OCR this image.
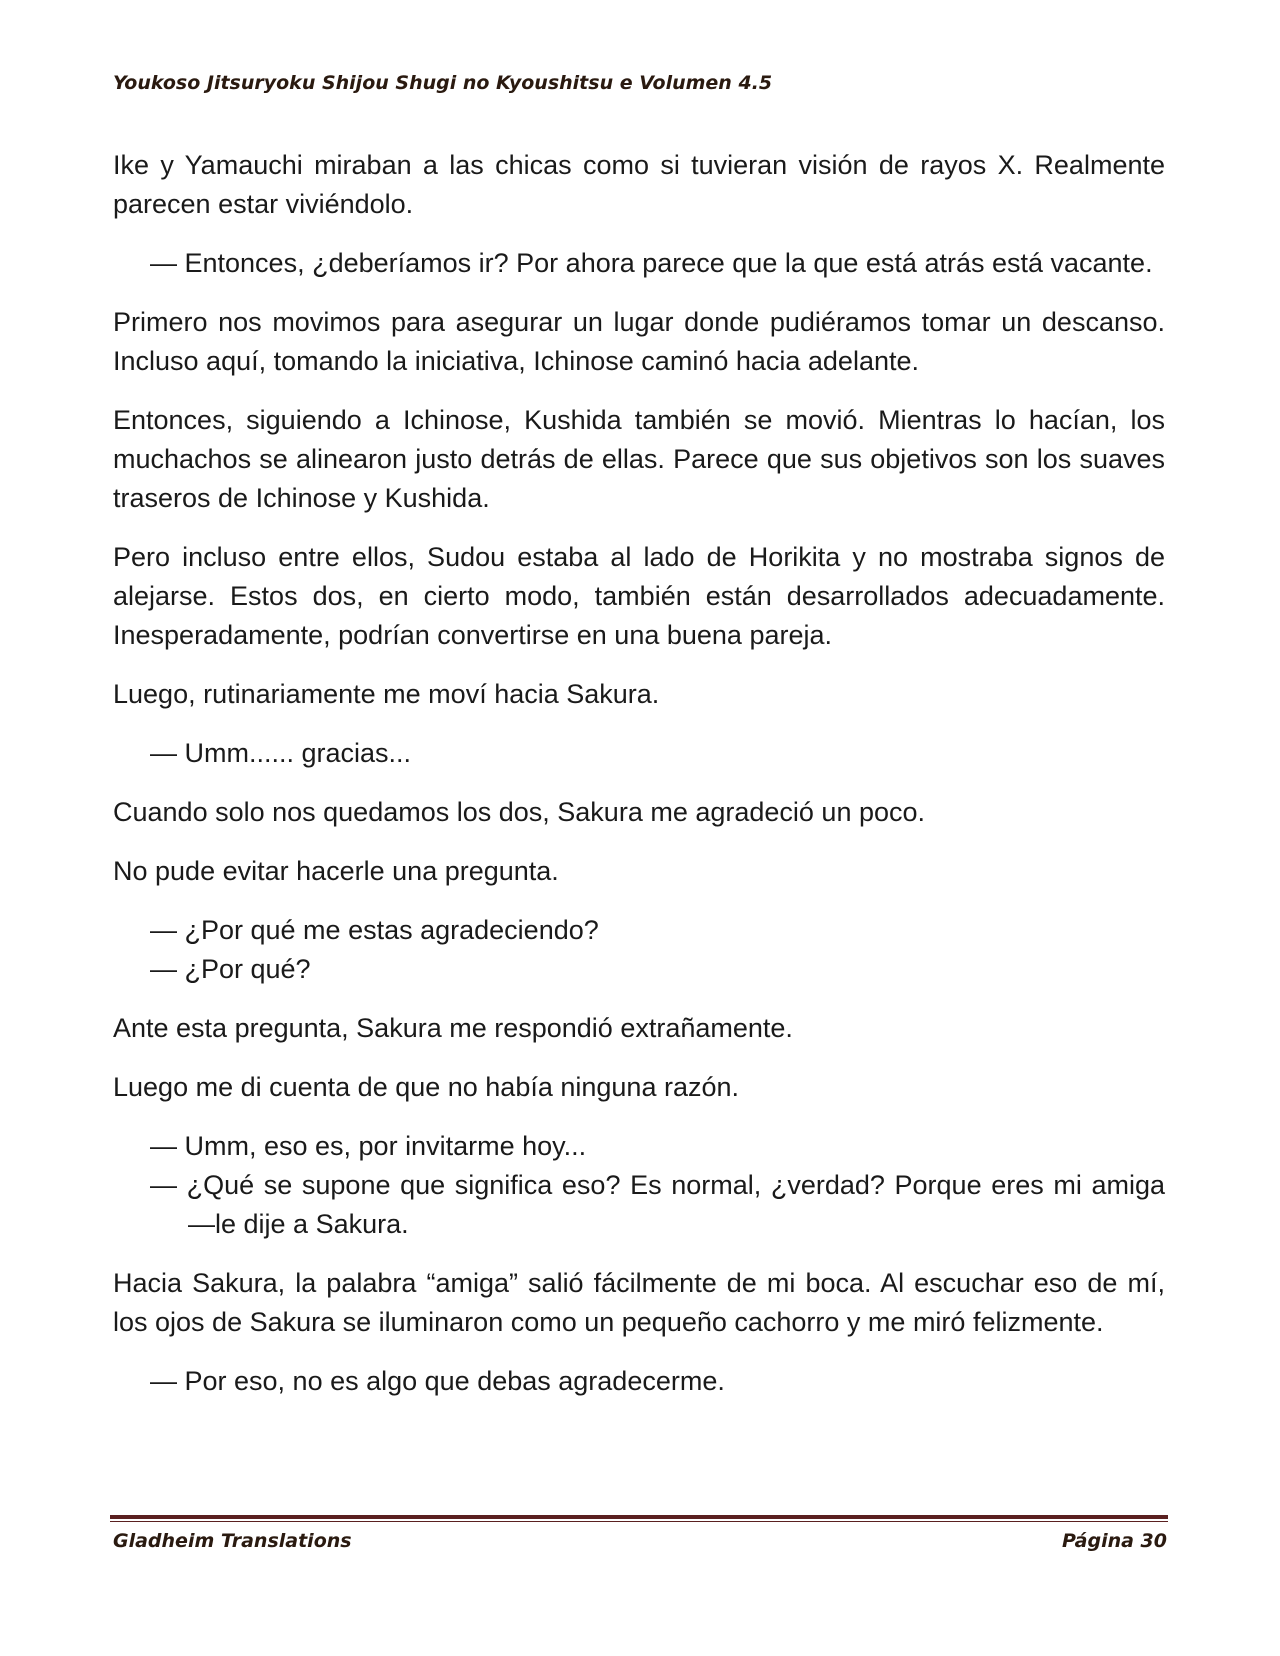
Youkoso Jitsuryoku Shijou Shugi no Kyoushitsu e Volumen 4.5

Ike y Yamauchi miraban a las chicas como si tuvieran visión de rayos X. Realmente parecen estar viviéndolo.

— Entonces, ¿deberíamos ir? Por ahora parece que la que está atrás está vacante.

Primero nos movimos para asegurar un lugar donde pudiéramos tomar un descanso. Incluso aquí, tomando la iniciativa, Ichinose caminó hacia adelante.

Entonces, siguiendo a Ichinose, Kushida también se movió. Mientras lo hacían, los muchachos se alinearon justo detrás de ellas. Parece que sus objetivos son los suaves traseros de Ichinose y Kushida.

Pero incluso entre ellos, Sudou estaba al lado de Horikita y no mostraba signos de alejarse. Estos dos, en cierto modo, también están desarrollados adecuadamente. Inesperadamente, podrían convertirse en una buena pareja.

Luego, rutinariamente me moví hacia Sakura.

— Umm...... gracias...

Cuando solo nos quedamos los dos, Sakura me agradeció un poco.

No pude evitar hacerle una pregunta.

— ¿Por qué me estas agradeciendo?

— ¿Por qué?

Ante esta pregunta, Sakura me respondió extrañamente.

Luego me di cuenta de que no había ninguna razón.

— Umm, eso es, por invitarme hoy...

— ¿Qué se supone que significa eso? Es normal, ¿verdad? Porque eres mi amiga —le dije a Sakura.

Hacia Sakura, la palabra “amiga” salió fácilmente de mi boca. Al escuchar eso de mí, los ojos de Sakura se iluminaron como un pequeño cachorro y me miró felizmente.

— Por eso, no es algo que debas agradecerme.

Gladheim Translations	Página 30
